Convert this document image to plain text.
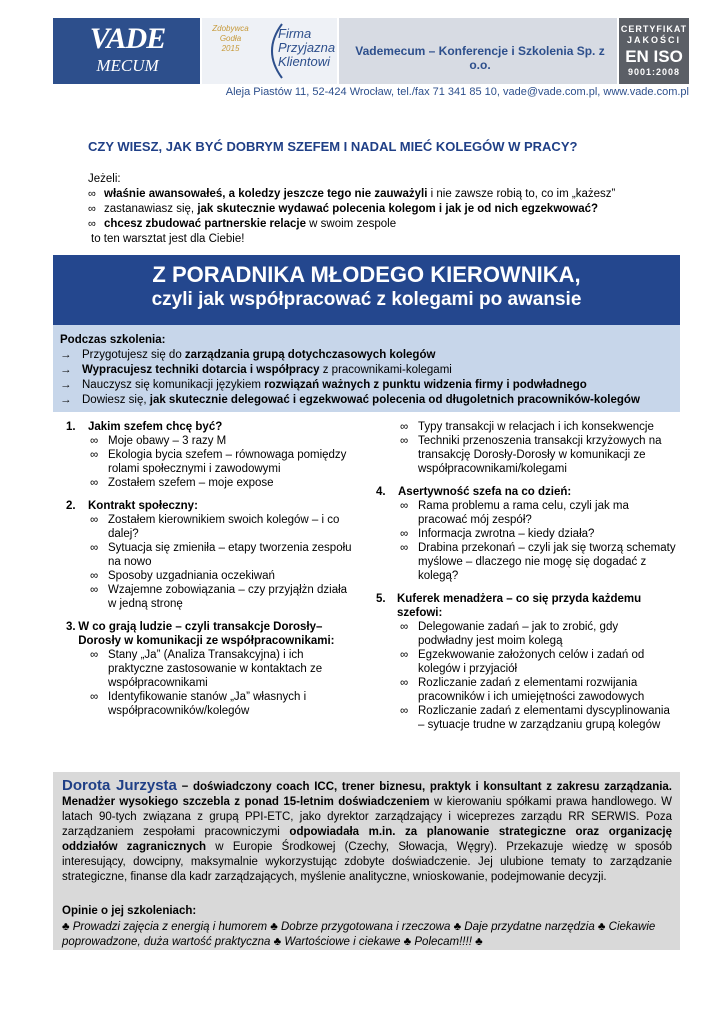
VADE
MECUM
Zdobywca
Godła
2015
Firma
Przyjazna
Klientowi
Vademecum – Konferencje i Szkolenia Sp. z o.o.
CERTYFIKAT
JAKOŚCI
EN ISO
9001:2008
Aleja Piastów 11, 52-424 Wrocław, tel./fax 71 341 85 10, vade@vade.com.pl, www.vade.com.pl
CZY WIESZ, JAK BYĆ DOBRYM SZEFEM I NADAL MIEĆ KOLEGÓW W PRACY?
Jeżeli:
∞ właśnie awansowałeś, a koledzy jeszcze tego nie zauważyli i nie zawsze robią to, co im „każesz”
∞ zastanawiasz się, jak skutecznie wydawać polecenia kolegom i jak je od nich egzekwować?
∞ chcesz zbudować partnerskie relacje w swoim zespole
to ten warsztat jest dla Ciebie!
Z PORADNIKA MŁODEGO KIEROWNIKA,
czyli jak współpracować z kolegami po awansie
Podczas szkolenia:
→ Przygotujesz się do zarządzania grupą dotychczasowych kolegów
→ Wypracujesz techniki dotarcia i współpracy z pracownikami-kolegami
→ Nauczysz się komunikacji językiem rozwiązań ważnych z punktu widzenia firmy i podwładnego
→ Dowiesz się, jak skutecznie delegować i egzekwować polecenia od długoletnich pracowników-kolegów
1.	Jakim szefem chcę być?
∞ Moje obawy – 3 razy M
∞ Ekologia bycia szefem – równowaga pomiędzy rolami społecznymi i zawodowymi
∞ Zostałem szefem – moje expose
2.	Kontrakt społeczny:
∞ Zostałem kierownikiem swoich kolegów – i co dalej?
∞ Sytuacja się zmieniła – etapy tworzenia zespołu na nowo
∞ Sposoby uzgadniania oczekiwań
∞ Wzajemne zobowiązania – czy przyjąłżn działa w jedną stronę
3. W co grają ludzie – czyli transakcje Dorosły–Dorosły w komunikacji ze współpracownikami:
∞ Stany „Ja” (Analiza Transakcyjna) i ich praktyczne zastosowanie w kontaktach ze współpracownikami
∞ Identyfikowanie stanów „Ja” własnych i współpracowników/kolegów
∞ Typy transakcji w relacjach i ich konsekwencje
∞ Techniki przenoszenia transakcji krzyżowych na transakcję Dorosły-Dorosły w komunikacji ze współpracownikami/kolegami
4.	Asertywność szefa na co dzień:
∞ Rama problemu a rama celu, czyli jak ma pracować mój zespół?
∞ Informacja zwrotna – kiedy działa?
∞ Drabina przekonań – czyli jak się tworzą schematy myślowe – dlaczego nie mogę się dogadać z kolegą?
5. Kuferek menadżera – co się przyda każdemu szefowi:
∞ Delegowanie zadań – jak to zrobić, gdy podwładny jest moim kolegą
∞ Egzekwowanie założonych celów i zadań od kolegów i przyjaciół
∞ Rozliczanie zadań z elementami rozwijania pracowników i ich umiejętności zawodowych
∞ Rozliczanie zadań z elementami dyscyplinowania – sytuacje trudne w zarządzaniu grupą kolegów
Dorota Jurzysta − doświadczony coach ICC, trener biznesu, praktyk i konsultant z zakresu zarządzania. Menadżer wysokiego szczebla z ponad 15-letnim doświadczeniem w kierowaniu spółkami prawa handlowego. W latach 90-tych związana z grupą PPI-ETC, jako dyrektor zarządzający i wiceprezes zarządu RR SERWIS. Poza zarządzaniem zespołami pracowniczymi odpowiadała m.in. za planowanie strategiczne oraz organizację oddziałów zagranicznych w Europie Środkowej (Czechy, Słowacja, Węgry). Przekazuje wiedzę w sposób interesujący, dowcipny, maksymalnie wykorzystując zdobyte doświadczenie. Jej ulubione tematy to zarządzanie strategiczne, finanse dla kadr zarządzających, myślenie analityczne, wnioskowanie, podejmowanie decyzji.
Opinie o jej szkoleniach:
♣ Prowadzi zajęcia z energią i humorem ♣ Dobrze przygotowana i rzeczowa ♣ Daje przydatne narzędzia ♣ Ciekawie poprowadzone, duża wartość praktyczna ♣ Wartościowe i ciekawe ♣ Polecam!!!! ♣
